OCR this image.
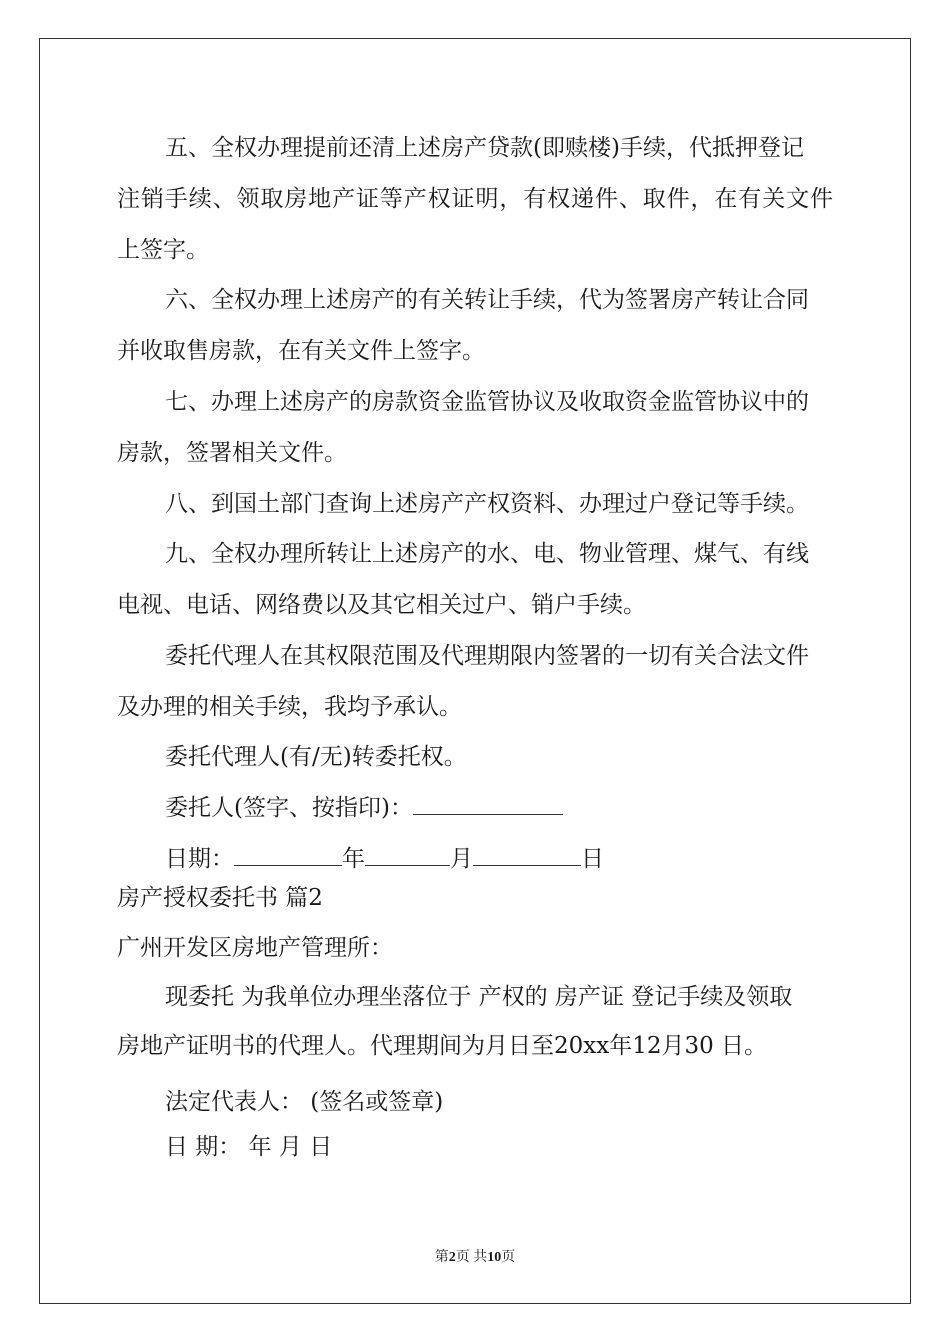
五、全权办理提前还清上述房产贷款(即赎楼)手续，代抵押登记
注销手续、领取房地产证等产权证明，有权递件、取件，在有关文件
上签字。
六、全权办理上述房产的有关转让手续，代为签署房产转让合同
并收取售房款，在有关文件上签字。
七、办理上述房产的房款资金监管协议及收取资金监管协议中的
房款，签署相关文件。
八、到国土部门查询上述房产产权资料、办理过户登记等手续。
九、全权办理所转让上述房产的水、电、物业管理、煤气、有线
电视、电话、网络费以及其它相关过户、销户手续。
委托代理人在其权限范围及代理期限内签署的一切有关合法文件
及办理的相关手续，我均予承认。
委托代理人(有/无)转委托权。
委托人(签字、按指印)：
日期：	年	月	日
房产授权委托书 篇2
广州开发区房地产管理所：
现委托 为我单位办理坐落位于 产权的 房产证 登记手续及领取
房地产证明书的代理人。代理期间为月日至20xx年12月30 日。
法定代表人： (签名或签章)
日 期： 年 月 日
第2页 共10页
